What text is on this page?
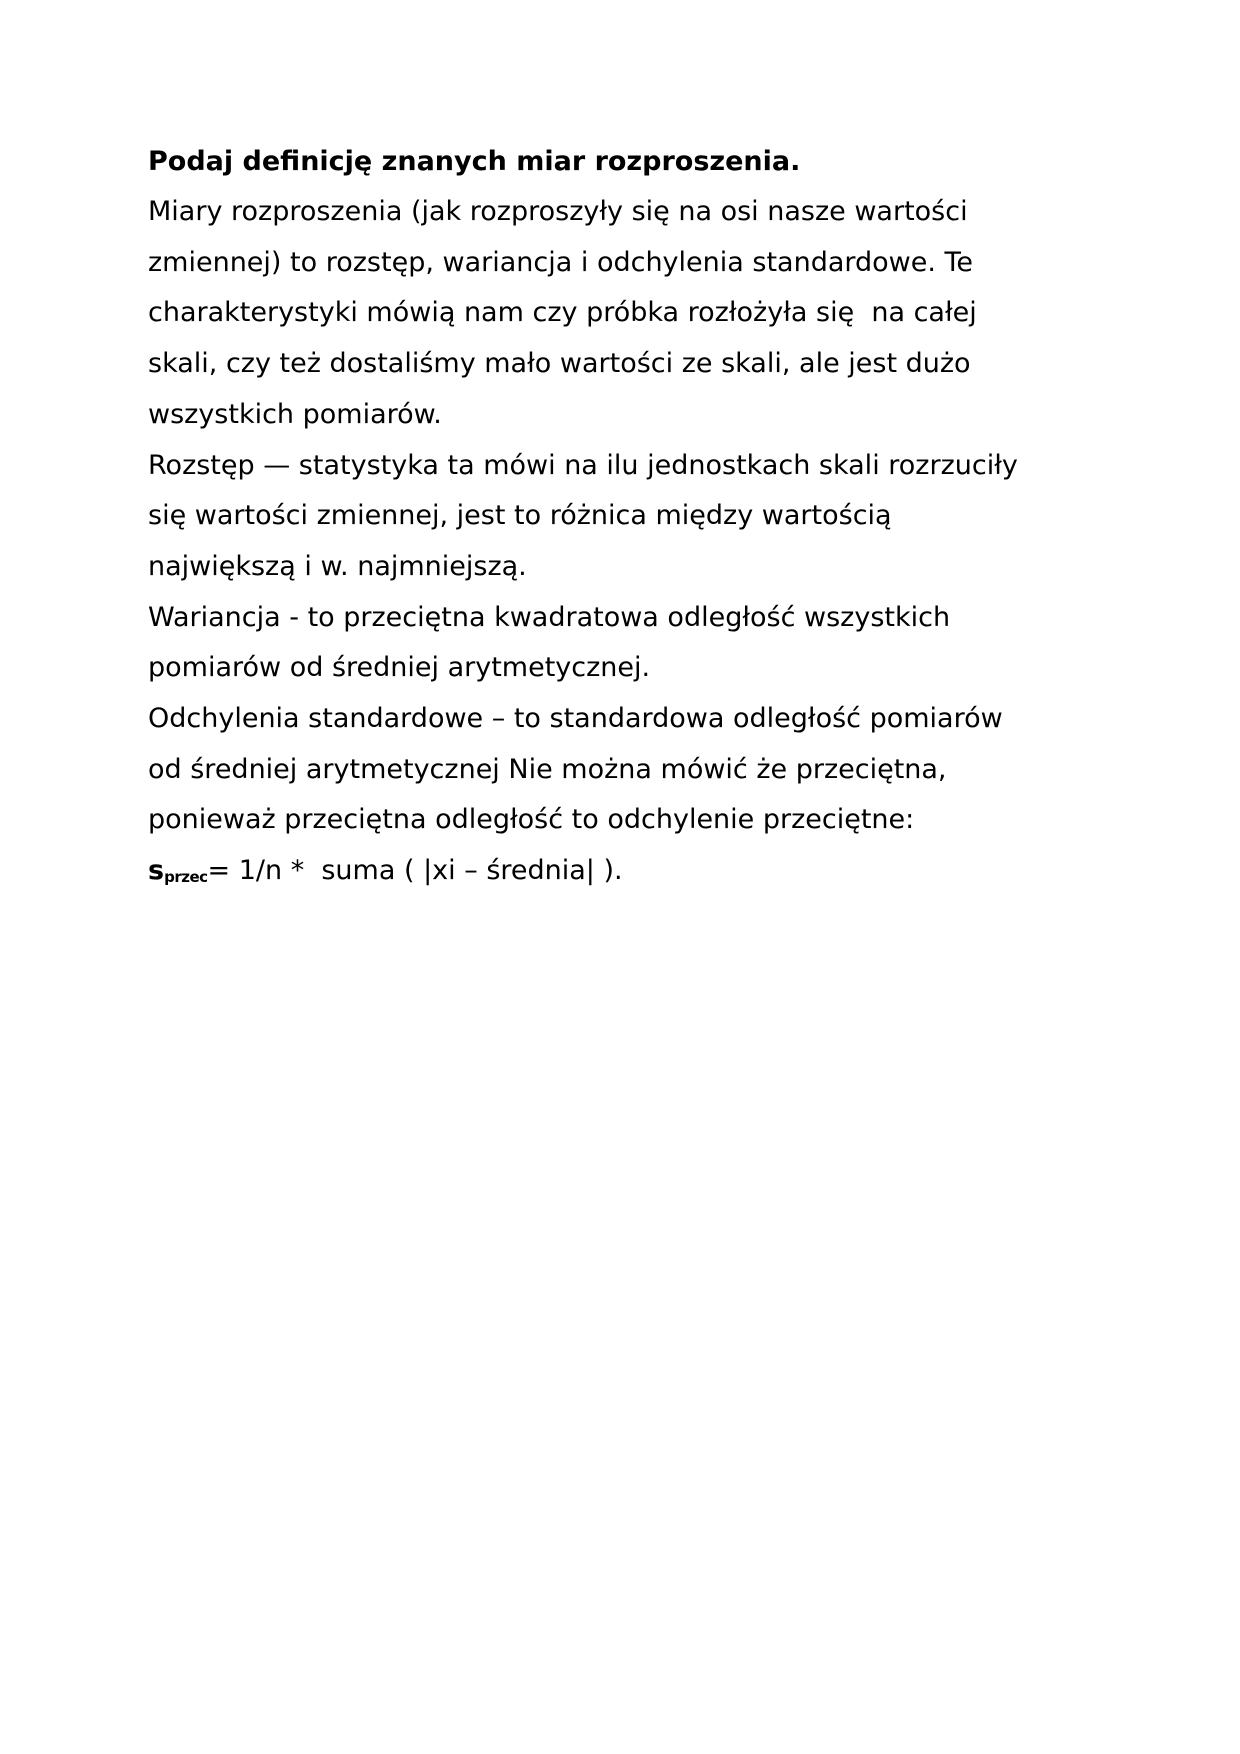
Podaj definicję znanych miar rozproszenia.

Miary rozproszenia (jak rozproszyły się na osi nasze wartości

zmiennej) to rozstęp, wariancja i odchylenia standardowe. Te

charakterystyki mówią nam czy próbka rozłożyła się  na całej

skali, czy też dostaliśmy mało wartości ze skali, ale jest dużo

wszystkich pomiarów.

Rozstęp — statystyka ta mówi na ilu jednostkach skali rozrzuciły

się wartości zmiennej, jest to różnica między wartością

największą i w. najmniejszą.

Wariancja - to przeciętna kwadratowa odległość wszystkich

pomiarów od średniej arytmetycznej.

Odchylenia standardowe – to standardowa odległość pomiarów

od średniej arytmetycznej Nie można mówić że przeciętna,

ponieważ przeciętna odległość to odchylenie przeciętne:

$s_{przec}= 1/n$ *  suma ( |xi – średnia| ).
